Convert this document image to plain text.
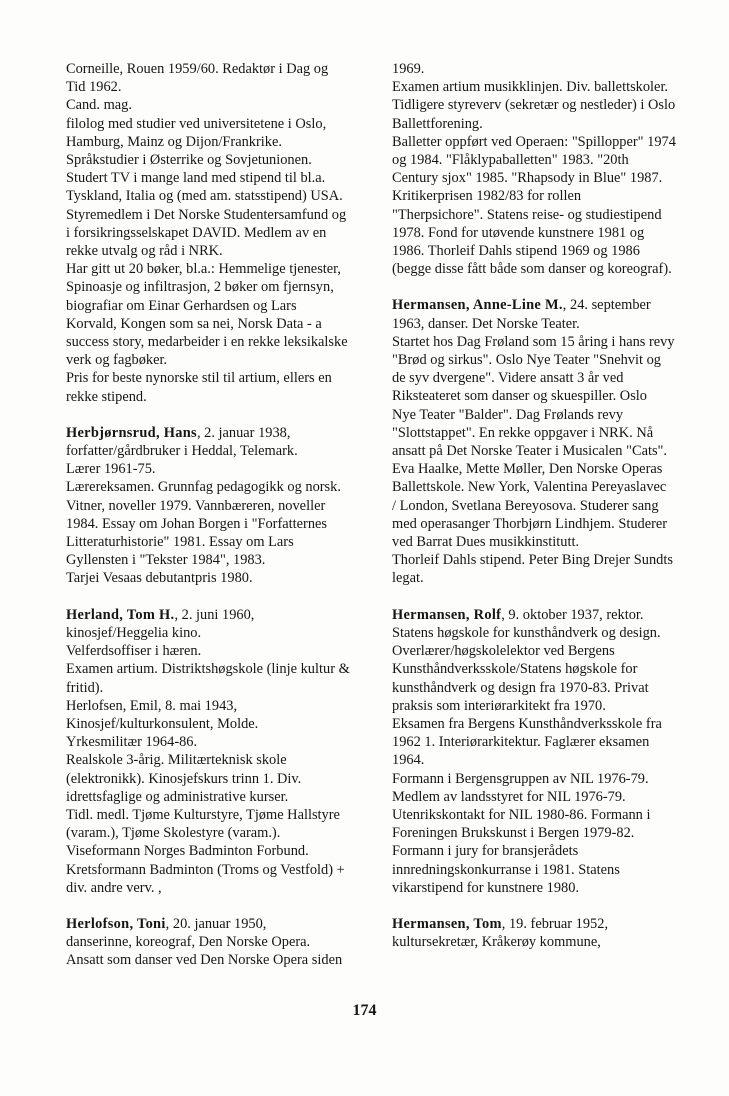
Corneille, Rouen 1959/60. Redaktør i Dag og

Tid 1962.

Cand. mag.

filolog med studier ved universitetene i Oslo,

Hamburg, Mainz og Dijon/Frankrike.

Språkstudier i Østerrike og Sovjetunionen.

Studert TV i mange land med stipend til bl.a.

Tyskland, Italia og (med am. statsstipend) USA.

Styremedlem i Det Norske Studentersamfund og

i forsikringsselskapet DAVID. Medlem av en

rekke utvalg og råd i NRK.

Har gitt ut 20 bøker, bl.a.: Hemmelige tjenester,

Spinoasje og infiltrasjon, 2 bøker om fjernsyn,

biografiar om Einar Gerhardsen og Lars

Korvald, Kongen som sa nei, Norsk Data - a

success story, medarbeider i en rekke leksikalske

verk og fagbøker.

Pris for beste nynorske stil til artium, ellers en

rekke stipend.

Herbjørnsrud, Hans, 2. januar 1938,

forfatter/gårdbruker i Heddal, Telemark.

Lærer 1961-75.

Lærereksamen. Grunnfag pedagogikk og norsk.

Vitner, noveller 1979. Vannbæreren, noveller

1984. Essay om Johan Borgen i "Forfatternes

Litteraturhistorie" 1981. Essay om Lars

Gyllensten i "Tekster 1984", 1983.

Tarjei Vesaas debutantpris 1980.

Herland, Tom H., 2. juni 1960,

kinosjef/Heggelia kino.

Velferdsoffiser i hæren.

Examen artium. Distriktshøgskole (linje kultur &

fritid).

Herlofsen, Emil, 8. mai 1943,

Kinosjef/kulturkonsulent, Molde.

Yrkesmilitær 1964-86.

Realskole 3-årig. Militærteknisk skole

(elektronikk). Kinosjefskurs trinn 1. Div.

idrettsfaglige og administrative kurser.

Tidl. medl. Tjøme Kulturstyre, Tjøme Hallstyre

(varam.), Tjøme Skolestyre (varam.).

Viseformann Norges Badminton Forbund.

Kretsformann Badminton (Troms og Vestfold) +

div. andre verv. ,

Herlofson, Toni, 20. januar 1950,

danserinne, koreograf, Den Norske Opera.

Ansatt som danser ved Den Norske Opera siden

1969.

Examen artium musikklinjen. Div. ballettskoler.

Tidligere styreverv (sekretær og nestleder) i Oslo

Ballettforening.

Balletter oppført ved Operaen: "Spillopper" 1974

og 1984. "Flåklypaballetten" 1983. "20th

Century sjox" 1985. "Rhapsody in Blue" 1987.

Kritikerprisen 1982/83 for rollen

"Therpsichore". Statens reise- og studiestipend

1978. Fond for utøvende kunstnere 1981 og

1986. Thorleif Dahls stipend 1969 og 1986

(begge disse fått både som danser og koreograf).

Hermansen, Anne-Line M., 24. september

1963, danser. Det Norske Teater.

Startet hos Dag Frøland som 15 åring i hans revy

"Brød og sirkus". Oslo Nye Teater "Snehvit og

de syv dvergene". Videre ansatt 3 år ved

Riksteateret som danser og skuespiller. Oslo

Nye Teater "Balder". Dag Frølands revy

"Slottstappet". En rekke oppgaver i NRK. Nå

ansatt på Det Norske Teater i Musicalen "Cats".

Eva Haalke, Mette Møller, Den Norske Operas

Ballettskole. New York, Valentina Pereyaslavec

/ London, Svetlana Bereyosova. Studerer sang

med operasanger Thorbjørn Lindhjem. Studerer

ved Barrat Dues musikkinstitutt.

Thorleif Dahls stipend. Peter Bing Drejer Sundts

legat.

Hermansen, Rolf, 9. oktober 1937, rektor.

Statens høgskole for kunsthåndverk og design.

Overlærer/høgskolelektor ved Bergens

Kunsthåndverksskole/Statens høgskole for

kunsthåndverk og design fra 1970-83. Privat

praksis som interiørarkitekt fra 1970.

Eksamen fra Bergens Kunsthåndverksskole fra

1962 1. Interiørarkitektur. Faglærer eksamen

1964.

Formann i Bergensgruppen av NIL 1976-79.

Medlem av landsstyret for NIL 1976-79.

Utenrikskontakt for NIL 1980-86. Formann i

Foreningen Brukskunst i Bergen 1979-82.

Formann i jury for bransjerådets

innredningskonkurranse i 1981. Statens

vikarstipend for kunstnere 1980.

Hermansen, Tom, 19. februar 1952,

kultursekretær, Kråkerøy kommune,

174
